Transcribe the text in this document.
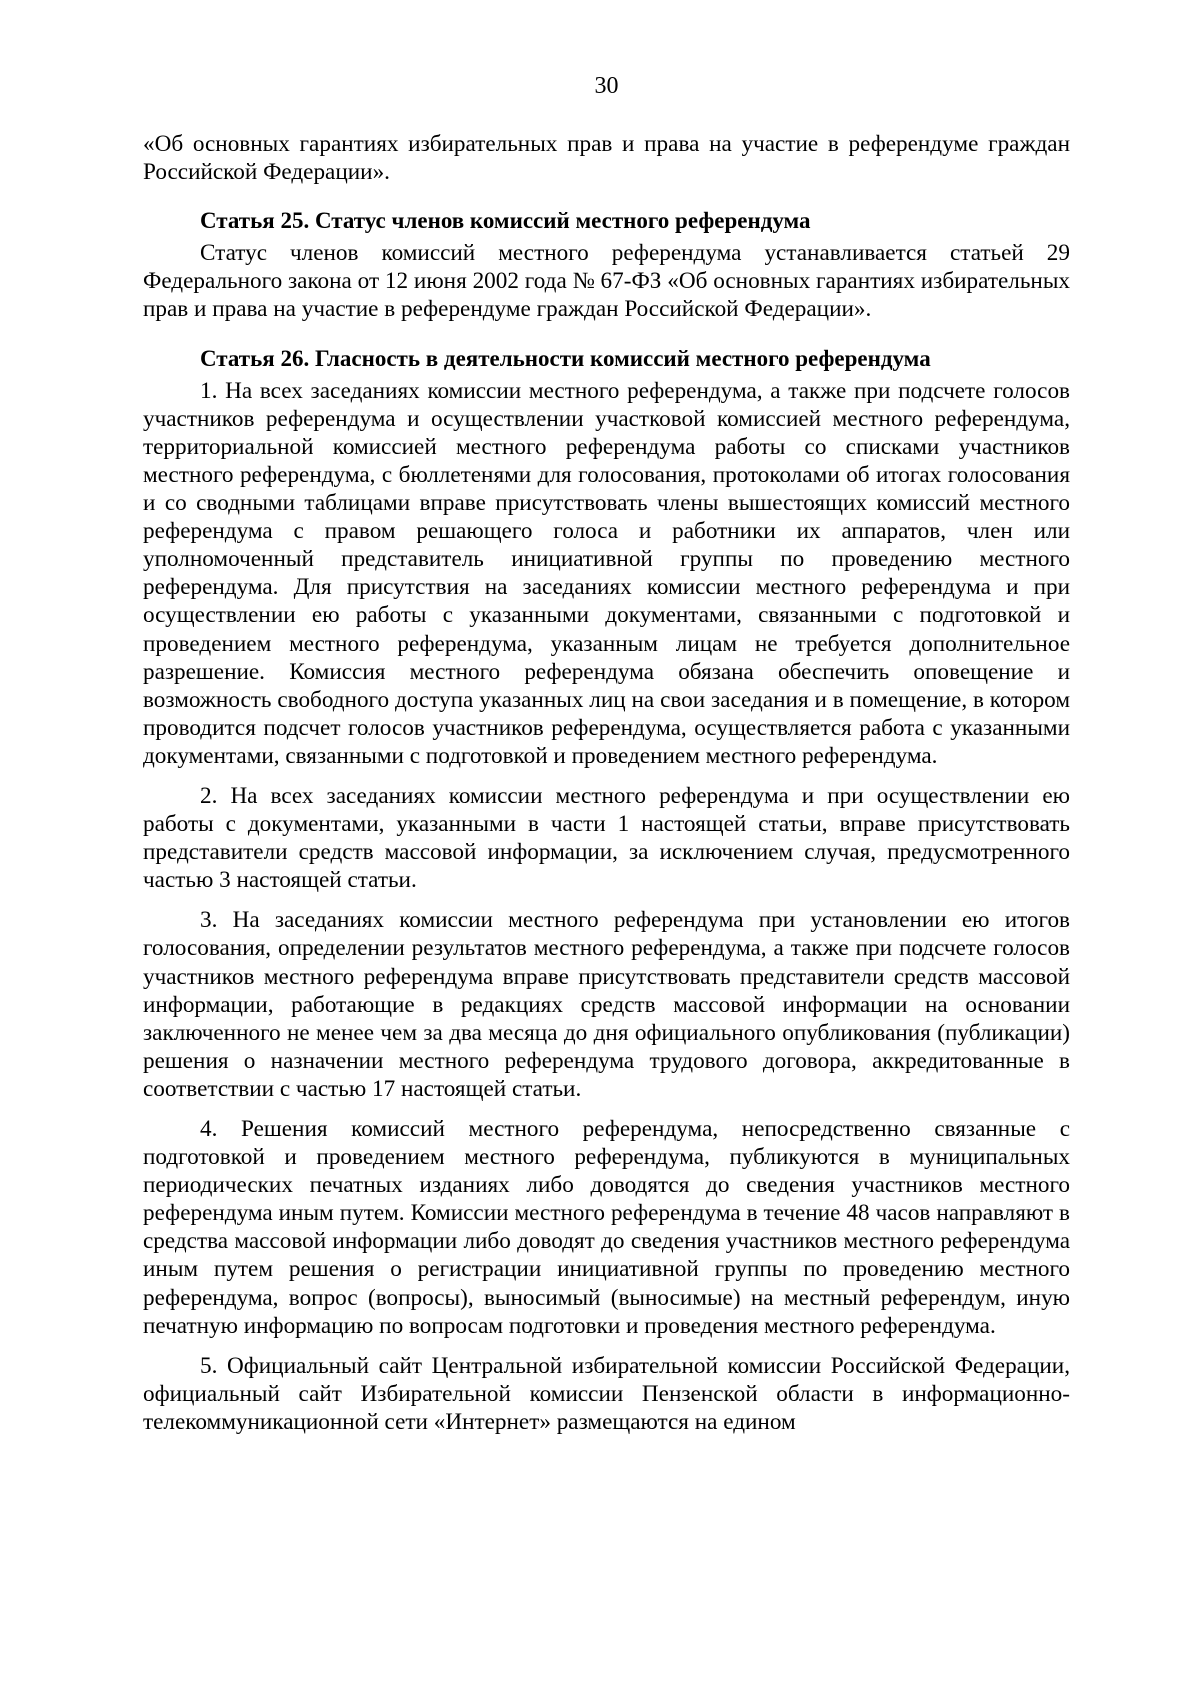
30

«Об основных гарантиях избирательных прав и права на участие в референдуме граждан Российской Федерации».

Статья 25. Статус членов комиссий местного референдума

Статус членов комиссий местного референдума устанавливается статьей 29 Федерального закона от 12 июня 2002 года № 67-ФЗ «Об основных гарантиях избирательных прав и права на участие в референдуме граждан Российской Федерации».

Статья 26. Гласность в деятельности комиссий местного референдума

1. На всех заседаниях комиссии местного референдума, а также при подсчете голосов участников референдума и осуществлении участковой комиссией местного референдума, территориальной комиссией местного референдума работы со списками участников местного референдума, с бюллетенями для голосования, протоколами об итогах голосования и со сводными таблицами вправе присутствовать члены вышестоящих комиссий местного референдума с правом решающего голоса и работники их аппаратов, член или уполномоченный представитель инициативной группы по проведению местного референдума. Для присутствия на заседаниях комиссии местного референдума и при осуществлении ею работы с указанными документами, связанными с подготовкой и проведением местного референдума, указанным лицам не требуется дополнительное разрешение. Комиссия местного референдума обязана обеспечить оповещение и возможность свободного доступа указанных лиц на свои заседания и в помещение, в котором проводится подсчет голосов участников референдума, осуществляется работа с указанными документами, связанными с подготовкой и проведением местного референдума.

2. На всех заседаниях комиссии местного референдума и при осуществлении ею работы с документами, указанными в части 1 настоящей статьи, вправе присутствовать представители средств массовой информации, за исключением случая, предусмотренного частью 3 настоящей статьи.

3. На заседаниях комиссии местного референдума при установлении ею итогов голосования, определении результатов местного референдума, а также при подсчете голосов участников местного референдума вправе присутствовать представители средств массовой информации, работающие в редакциях средств массовой информации на основании заключенного не менее чем за два месяца до дня официального опубликования (публикации) решения о назначении местного референдума трудового договора, аккредитованные в соответствии с частью 17 настоящей статьи.

4. Решения комиссий местного референдума, непосредственно связанные с подготовкой и проведением местного референдума, публикуются в муниципальных периодических печатных изданиях либо доводятся до сведения участников местного референдума иным путем. Комиссии местного референдума в течение 48 часов направляют в средства массовой информации либо доводят до сведения участников местного референдума иным путем решения о регистрации инициативной группы по проведению местного референдума, вопрос (вопросы), выносимый (выносимые) на местный референдум, иную печатную информацию по вопросам подготовки и проведения местного референдума.

5. Официальный сайт Центральной избирательной комиссии Российской Федерации, официальный сайт Избирательной комиссии Пензенской области в информационно-телекоммуникационной сети «Интернет» размещаются на едином
